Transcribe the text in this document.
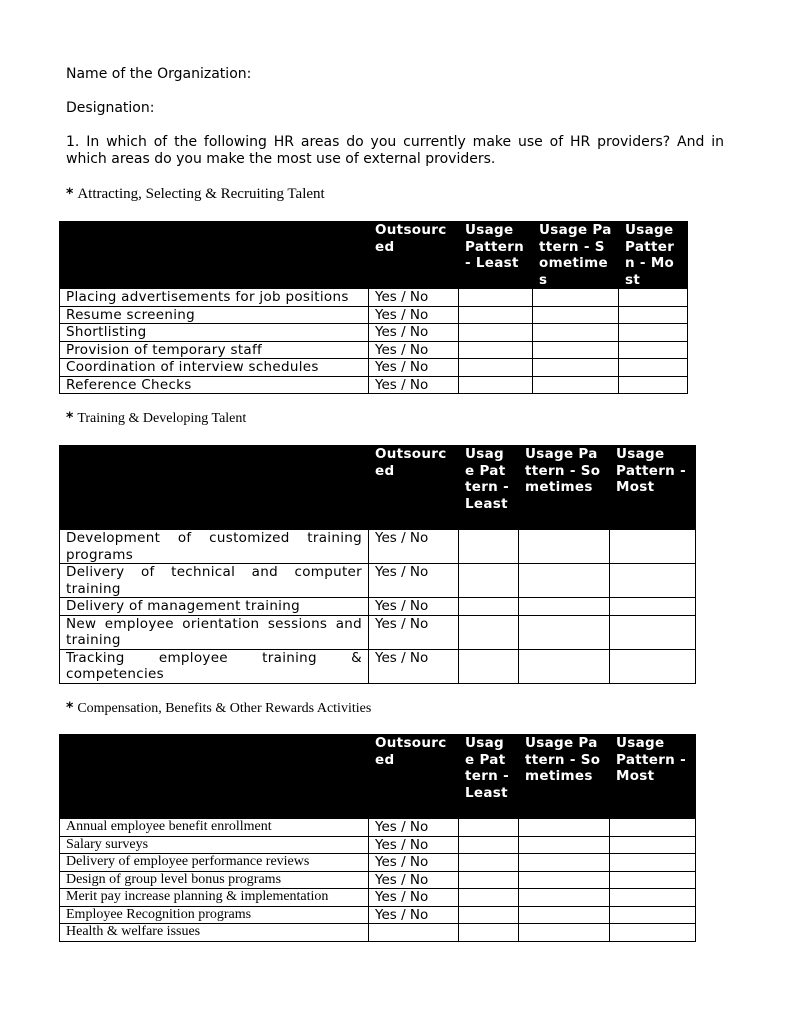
Name of the Organization:
Designation:
1. In which of the following HR areas do you currently make use of HR providers? And in which areas do you make the most use of external providers.
* Attracting, Selecting & Recruiting Talent
	Outsourced	Usage Pattern - Least	Usage Pattern - Sometimes	Usage Pattern - Most
Placing advertisements for job positions	Yes / No			
Resume screening	Yes / No			
Shortlisting	Yes / No			
Provision of temporary staff	Yes / No			
Coordination of interview schedules	Yes / No			
Reference Checks	Yes / No			
* Training & Developing Talent
	Outsourced	Usage Pattern - Least	Usage Pattern - Sometimes	Usage Pattern - Most
Development of customized training programs	Yes / No			
Delivery of technical and computer training	Yes / No			
Delivery of management training	Yes / No			
New employee orientation sessions and training	Yes / No			
Tracking employee training & competencies	Yes / No			
* Compensation, Benefits & Other Rewards Activities
	Outsourced	Usage Pattern - Least	Usage Pattern - Sometimes	Usage Pattern - Most
Annual employee benefit enrollment	Yes / No			
Salary surveys	Yes / No			
Delivery of employee performance reviews	Yes / No			
Design of group level bonus programs	Yes / No			
Merit pay increase planning & implementation	Yes / No			
Employee Recognition programs	Yes / No			
Health & welfare issues				
